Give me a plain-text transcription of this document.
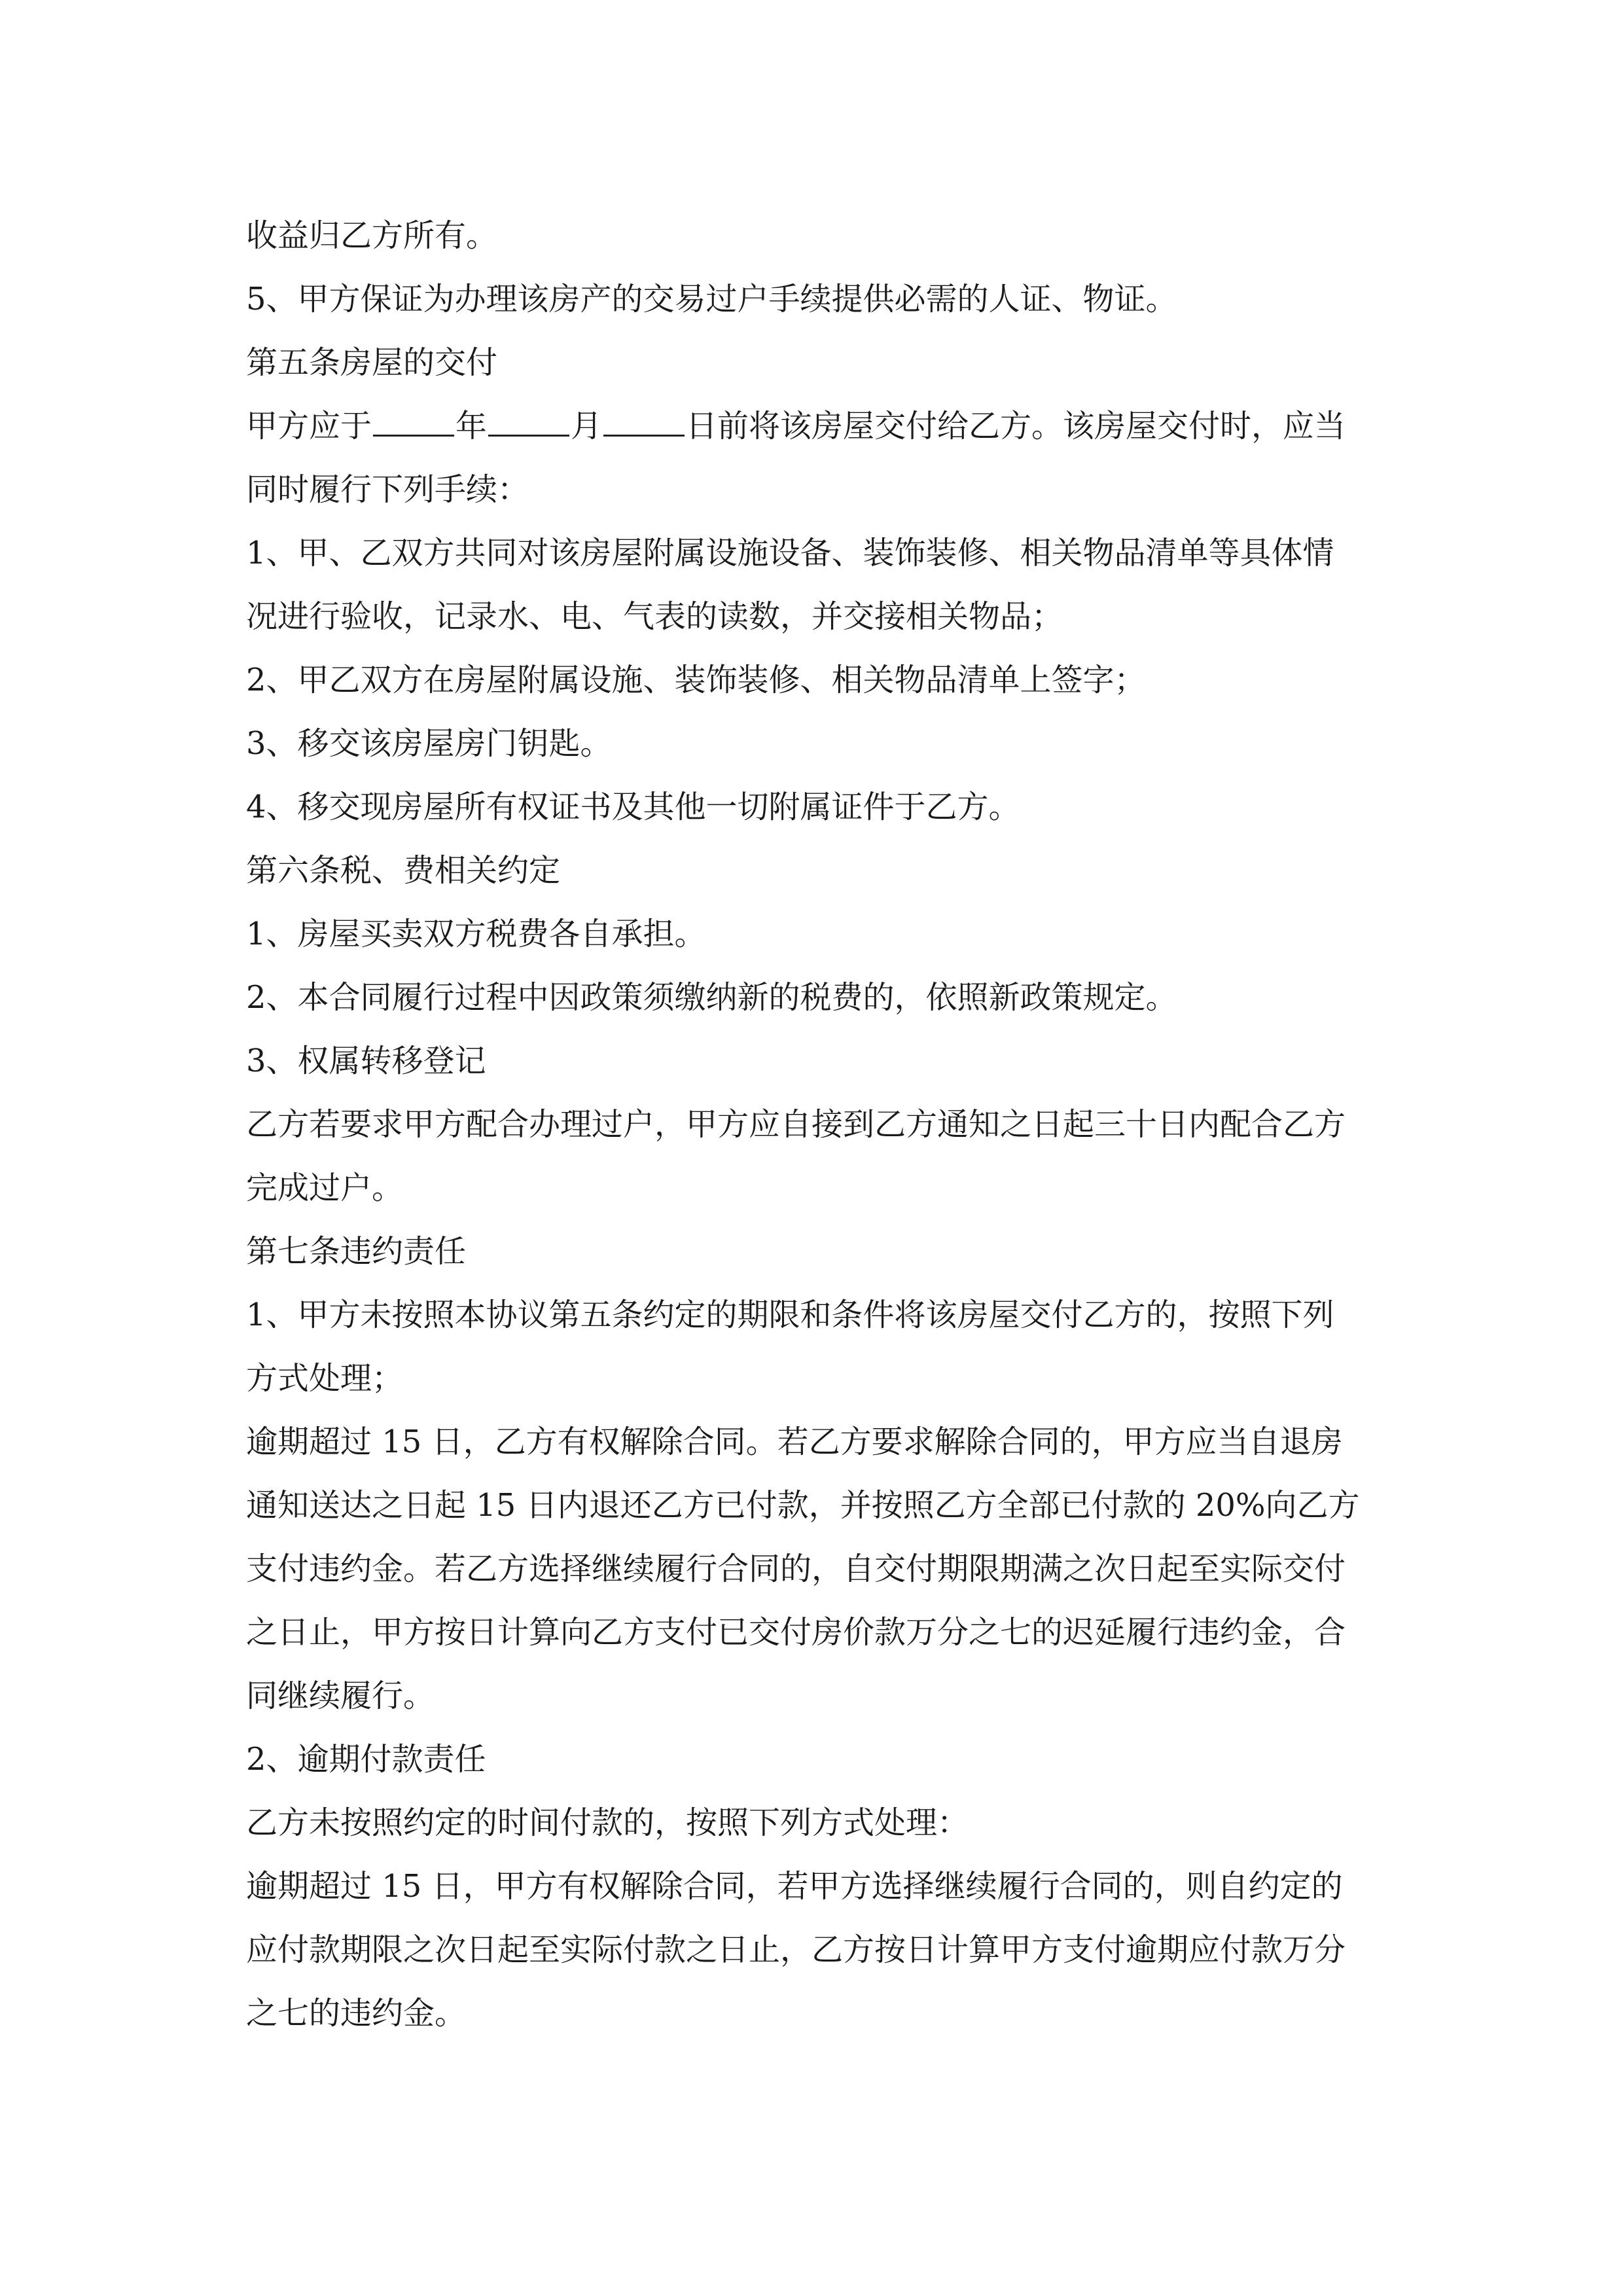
收益归乙方所有。
5、甲方保证为办理该房产的交易过户手续提供必需的人证、物证。
第五条房屋的交付
甲方应于	年	月	日前将该房屋交付给乙方。该房屋交付时，应当
同时履行下列手续：
1、甲、乙双方共同对该房屋附属设施设备、装饰装修、相关物品清单等具体情
况进行验收，记录水、电、气表的读数，并交接相关物品；
2、甲乙双方在房屋附属设施、装饰装修、相关物品清单上签字；
3、移交该房屋房门钥匙。
4、移交现房屋所有权证书及其他一切附属证件于乙方。
第六条税、费相关约定
1、房屋买卖双方税费各自承担。
2、本合同履行过程中因政策须缴纳新的税费的，依照新政策规定。
3、权属转移登记
乙方若要求甲方配合办理过户，甲方应自接到乙方通知之日起三十日内配合乙方
完成过户。
第七条违约责任
1、甲方未按照本协议第五条约定的期限和条件将该房屋交付乙方的，按照下列
方式处理；
逾期超过 15 日，乙方有权解除合同。若乙方要求解除合同的，甲方应当自退房
通知送达之日起 15 日内退还乙方已付款，并按照乙方全部已付款的 20%向乙方
支付违约金。若乙方选择继续履行合同的，自交付期限期满之次日起至实际交付
之日止，甲方按日计算向乙方支付已交付房价款万分之七的迟延履行违约金，合
同继续履行。
2、逾期付款责任
乙方未按照约定的时间付款的，按照下列方式处理：
逾期超过 15 日，甲方有权解除合同，若甲方选择继续履行合同的，则自约定的
应付款期限之次日起至实际付款之日止，乙方按日计算甲方支付逾期应付款万分
之七的违约金。
